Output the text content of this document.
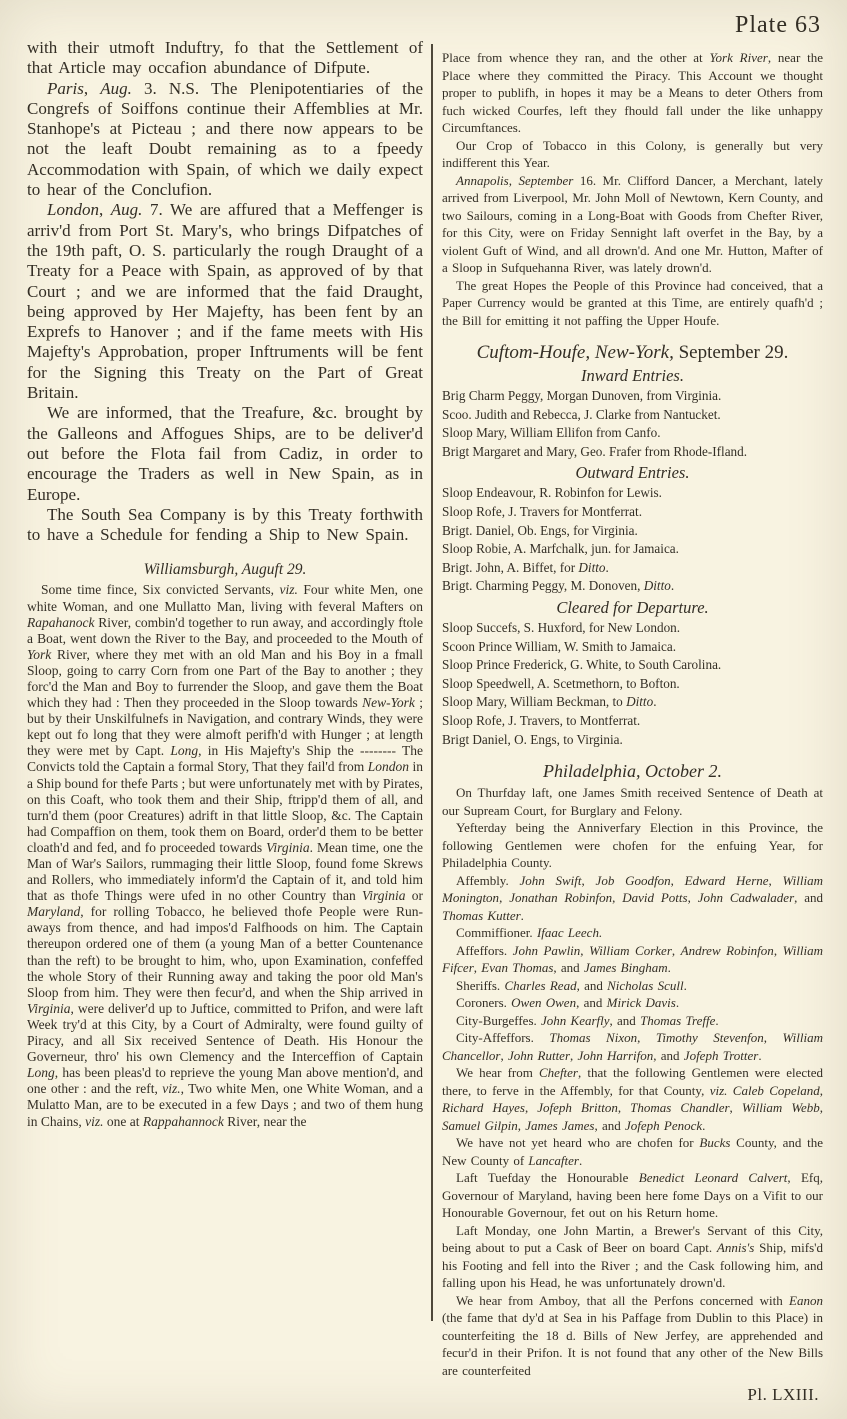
Plate 63

with their utmoft Induftry, fo that the Settlement of that Article may occafion abundance of Difpute.

Paris, Aug. 3. N.S. The Plenipotentiaries of the Congrefs of Soiffons continue their Affemblies at Mr. Stanhope's at Picteau ; and there now appears to be not the leaft Doubt remaining as to a fpeedy Accommodation with Spain, of which we daily expect to hear of the Conclufion.

London, Aug. 7. We are affured that a Meffenger is arriv'd from Port St. Mary's, who brings Difpatches of the 19th paft, O. S. particularly the rough Draught of a Treaty for a Peace with Spain, as approved of by that Court ; and we are informed that the faid Draught, being approved by Her Majefty, has been fent by an Exprefs to Hanover ; and if the fame meets with His Majefty's Approbation, proper Inftruments will be fent for the Signing this Treaty on the Part of Great Britain.

We are informed, that the Treafure, &c. brought by the Galleons and Affogues Ships, are to be deliver'd out before the Flota fail from Cadiz, in order to encourage the Traders as well in New Spain, as in Europe.

The South Sea Company is by this Treaty forthwith to have a Schedule for fending a Ship to New Spain.

Williamsburgh, Auguft 29.

Some time fince, Six convicted Servants, viz. Four white Men, one white Woman, and one Mullatto Man, living with feveral Mafters on Rapahanock River, combin'd together to run away, and accordingly ftole a Boat, went down the River to the Bay, and proceeded to the Mouth of York River, where they met with an old Man and his Boy in a fmall Sloop, going to carry Corn from one Part of the Bay to another ; they forc'd the Man and Boy to furrender the Sloop, and gave them the Boat which they had : Then they proceeded in the Sloop towards New-York ; but by their Unskilfulnefs in Navigation, and contrary Winds, they were kept out fo long that they were almoft perifh'd with Hunger ; at length they were met by Capt. Long, in His Majefty's Ship the -------- The Convicts told the Captain a formal Story, That they fail'd from London in a Ship bound for thefe Parts ; but were unfortunately met with by Pirates, on this Coaft, who took them and their Ship, ftripp'd them of all, and turn'd them (poor Creatures) adrift in that little Sloop, &c. The Captain had Compaffion on them, took them on Board, order'd them to be better cloath'd and fed, and fo proceeded towards Virginia. Mean time, one the Man of War's Sailors, rummaging their little Sloop, found fome Skrews and Rollers, who immediately inform'd the Captain of it, and told him that as thofe Things were ufed in no other Country than Virginia or Maryland, for rolling Tobacco, he believed thofe People were Run-aways from thence, and had impos'd Falfhoods on him. The Captain thereupon ordered one of them (a young Man of a better Countenance than the reft) to be brought to him, who, upon Examination, confeffed the whole Story of their Running away and taking the poor old Man's Sloop from him. They were then fecur'd, and when the Ship arrived in Virginia, were deliver'd up to Juftice, committed to Prifon, and were laft Week try'd at this City, by a Court of Admiralty, were found guilty of Piracy, and all Six received Sentence of Death. His Honour the Governeur, thro' his own Clemency and the Interceffion of Captain Long, has been pleas'd to reprieve the young Man above mention'd, and one other : and the reft, viz., Two white Men, one White Woman, and a Mulatto Man, are to be executed in a few Days ; and two of them hung in Chains, viz. one at Rappahannock River, near the

Place from whence they ran, and the other at York River, near the Place where they committed the Piracy. This Account we thought proper to publifh, in hopes it may be a Means to deter Others from fuch wicked Courfes, left they fhould fall under the like unhappy Circumftances.

Our Crop of Tobacco in this Colony, is generally but very indifferent this Year.

Annapolis, September 16. Mr. Clifford Dancer, a Merchant, lately arrived from Liverpool, Mr. John Moll of Newtown, Kern County, and two Sailours, coming in a Long-Boat with Goods from Chefter River, for this City, were on Friday Sennight laft overfet in the Bay, by a violent Guft of Wind, and all drown'd. And one Mr. Hutton, Mafter of a Sloop in Sufquehanna River, was lately drown'd.

The great Hopes the People of this Province had conceived, that a Paper Currency would be granted at this Time, are entirely quafh'd ; the Bill for emitting it not paffing the Upper Houfe.

Cuftom-Houfe, New-York, September 29.
Inward Entries.
Brig Charm Peggy, Morgan Dunoven, from Virginia.
Scoo. Judith and Rebecca, J. Clarke from Nantucket.
Sloop Mary, William Ellifon from Canfo.
Brigt Margaret and Mary, Geo. Frafer from Rhode-Ifland.
Outward Entries.
Sloop Endeavour, R. Robinfon for Lewis.
Sloop Rofe, J. Travers for Montferrat.
Brigt. Daniel, Ob. Engs, for Virginia.
Sloop Robie, A. Marfchalk, jun. for Jamaica.
Brigt. John, A. Biffet, for Ditto.
Brigt. Charming Peggy, M. Donoven, Ditto.
Cleared for Departure.
Sloop Succefs, S. Huxford, for New London.
Scoon Prince William, W. Smith to Jamaica.
Sloop Prince Frederick, G. White, to South Carolina.
Sloop Speedwell, A. Scetmethorn, to Bofton.
Sloop Mary, William Beckman, to Ditto.
Sloop Rofe, J. Travers, to Montferrat.
Brigt Daniel, O. Engs, to Virginia.
Philadelphia, October 2.

On Thurfday laft, one James Smith received Sentence of Death at our Supream Court, for Burglary and Felony.

Yefterday being the Anniverfary Election in this Province, the following Gentlemen were chofen for the enfuing Year, for Philadelphia County.

Affembly. John Swift, Job Goodfon, Edward Herne, William Monington, Jonathan Robinfon, David Potts, John Cadwalader, and Thomas Kutter.

Commiffioner. Ifaac Leech.

Affeffors. John Pawlin, William Corker, Andrew Robinfon, William Fifcer, Evan Thomas, and James Bingham.

Sheriffs. Charles Read, and Nicholas Scull.

Coroners. Owen Owen, and Mirick Davis.

City-Burgeffes. John Kearfly, and Thomas Treffe.

City-Affeffors. Thomas Nixon, Timothy Stevenfon, William Chancellor, John Rutter, John Harrifon, and Jofeph Trotter.

We hear from Chefter, that the following Gentlemen were elected there, to ferve in the Affembly, for that County, viz. Caleb Copeland, Richard Hayes, Jofeph Britton, Thomas Chandler, William Webb, Samuel Gilpin, James James, and Jofeph Penock.

We have not yet heard who are chofen for Bucks County, and the New County of Lancafter.

Laft Tuefday the Honourable Benedict Leonard Calvert, Efq, Governour of Maryland, having been here fome Days on a Vifit to our Honourable Governour, fet out on his Return home.

Laft Monday, one John Martin, a Brewer's Servant of this City, being about to put a Cask of Beer on board Capt. Annis's Ship, mifs'd his Footing and fell into the River ; and the Cask following him, and falling upon his Head, he was unfortunately drown'd.

We hear from Amboy, that all the Perfons concerned with Eanon (the fame that dy'd at Sea in his Paffage from Dublin to this Place) in counterfeiting the 18 d. Bills of New Jerfey, are apprehended and fecur'd in their Prifon. It is not found that any other of the New Bills are counterfeited

Pl. LXIII.
